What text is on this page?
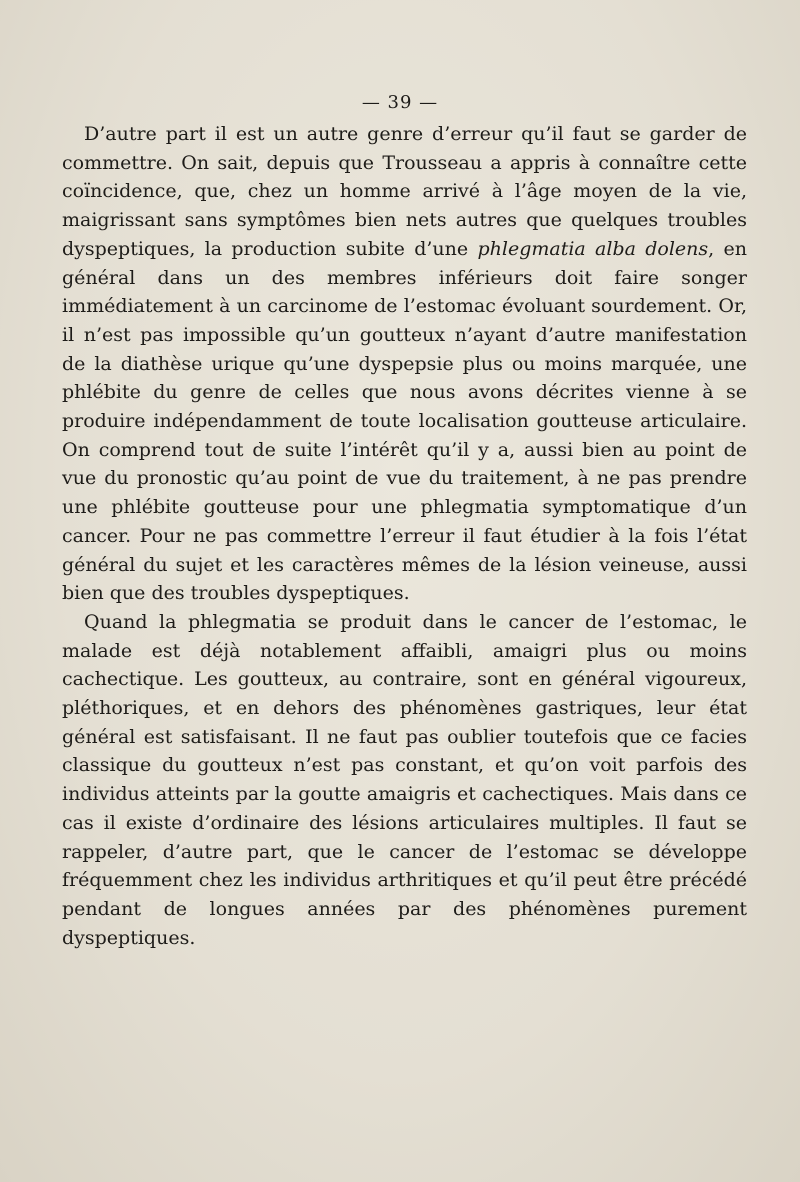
— 39 —

D’autre part il est un autre genre d’erreur qu’il faut se garder de commettre. On sait, depuis que Trousseau a appris à connaître cette coïncidence, que, chez un homme arrivé à l’âge moyen de la vie, maigrissant sans symptômes bien nets autres que quelques troubles dyspeptiques, la production subite d’une phlegmatia alba dolens, en général dans un des membres inférieurs doit faire songer immédiatement à un carcinome de l’estomac évoluant sourdement. Or, il n’est pas impossible qu’un goutteux n’ayant d’autre manifestation de la diathèse urique qu’une dyspepsie plus ou moins marquée, une phlébite du genre de celles que nous avons décrites vienne à se produire indépendamment de toute localisation goutteuse articulaire. On comprend tout de suite l’intérêt qu’il y a, aussi bien au point de vue du pronostic qu’au point de vue du traitement, à ne pas prendre une phlébite goutteuse pour une phlegmatia symptomatique d’un cancer. Pour ne pas commettre l’erreur il faut étudier à la fois l’état général du sujet et les caractères mêmes de la lésion veineuse, aussi bien que des troubles dyspeptiques.

Quand la phlegmatia se produit dans le cancer de l’estomac, le malade est déjà notablement affaibli, amaigri plus ou moins cachectique. Les goutteux, au contraire, sont en général vigoureux, pléthoriques, et en dehors des phénomènes gastriques, leur état général est satisfaisant. Il ne faut pas oublier toutefois que ce facies classique du goutteux n’est pas constant, et qu’on voit parfois des individus atteints par la goutte amaigris et cachectiques. Mais dans ce cas il existe d’ordinaire des lésions articulaires multiples. Il faut se rappeler, d’autre part, que le cancer de l’estomac se développe fréquemment chez les individus arthritiques et qu’il peut être précédé pendant de longues années par des phénomènes purement dyspeptiques.
